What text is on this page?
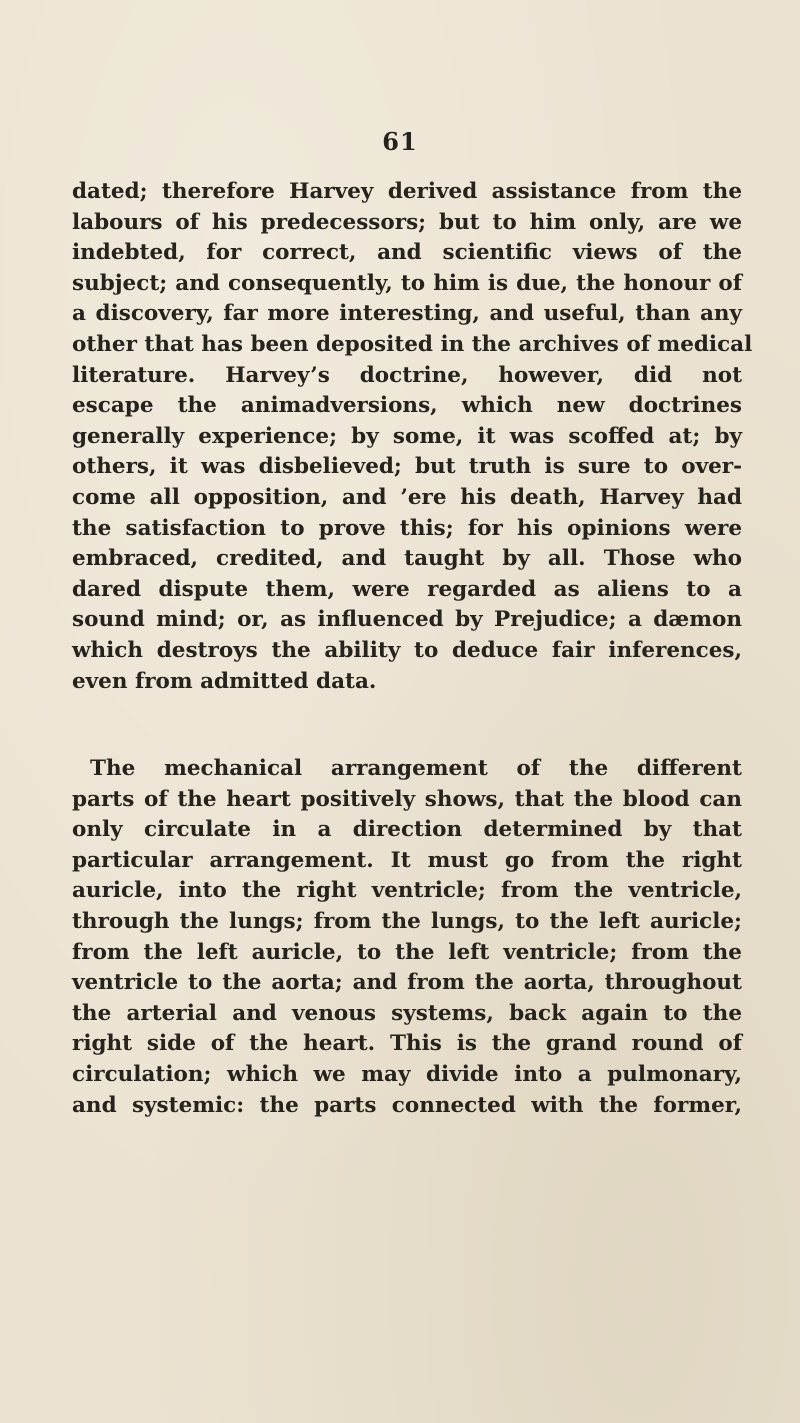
61
dated; therefore Harvey derived assistance from the
labours of his predecessors; but to him only, are we
indebted, for correct, and scientific views of the
subject; and consequently, to him is due, the honour of
a discovery, far more interesting, and useful, than any
other that has been deposited in the archives of medical
literature. Harvey’s doctrine, however, did not
escape the animadversions, which new doctrines
generally experience; by some, it was scoffed at; by
others, it was disbelieved; but truth is sure to over-
come all opposition, and ’ere his death, Harvey had
the satisfaction to prove this; for his opinions were
embraced, credited, and taught by all. Those who
dared dispute them, were regarded as aliens to a
sound mind; or, as influenced by Prejudice; a dæmon
which destroys the ability to deduce fair inferences,
even from admitted data.
The mechanical arrangement of the different
parts of the heart positively shows, that the blood can
only circulate in a direction determined by that
particular arrangement. It must go from the right
auricle, into the right ventricle; from the ventricle,
through the lungs; from the lungs, to the left auricle;
from the left auricle, to the left ventricle; from the
ventricle to the aorta; and from the aorta, throughout
the arterial and venous systems, back again to the
right side of the heart. This is the grand round of
circulation; which we may divide into a pulmonary,
and systemic: the parts connected with the former,
